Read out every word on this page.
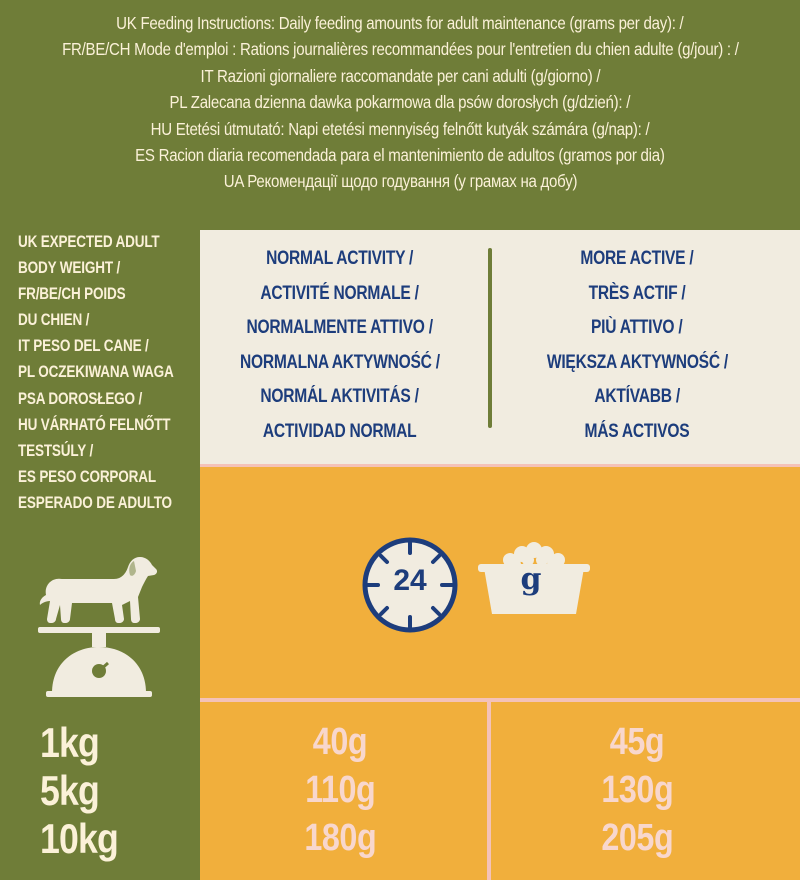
UK Feeding Instructions: Daily feeding amounts for adult maintenance (grams per day): /
FR/BE/CH Mode d'emploi : Rations journalières recommandées pour l'entretien du chien adulte (g/jour) : /
IT Razioni giornaliere raccomandate per cani adulti (g/giorno) /
PL Zalecana dzienna dawka pokarmowa dla psów dorosłych (g/dzień): /
HU Etetési útmutató: Napi etetési mennyiség felnőtt kutyák számára (g/nap): /
ES Racion diaria recomendada para el mantenimiento de adultos (gramos por dia)
UA Рекомендації щодо годування (у грамах на добу)
UK EXPECTED ADULT
BODY WEIGHT /
FR/BE/CH POIDS
DU CHIEN /
IT PESO DEL CANE /
PL OCZEKIWANA WAGA
PSA DOROSŁEGO /
HU VÁRHATÓ FELNŐTT
TESTSÚLY /
ES PESO CORPORAL
ESPERADO DE ADULTO
NORMAL ACTIVITY /
ACTIVITÉ NORMALE /
NORMALMENTE ATTIVO /
NORMALNA AKTYWNOŚĆ /
NORMÁL AKTIVITÁS /
ACTIVIDAD NORMAL
MORE ACTIVE /
TRÈS ACTIF /
PIÙ ATTIVO /
WIĘKSZA AKTYWNOŚĆ /
AKTÍVABB /
MÁS ACTIVOS
24	g
1kg
5kg
10kg
40g
110g
180g
45g
130g
205g
